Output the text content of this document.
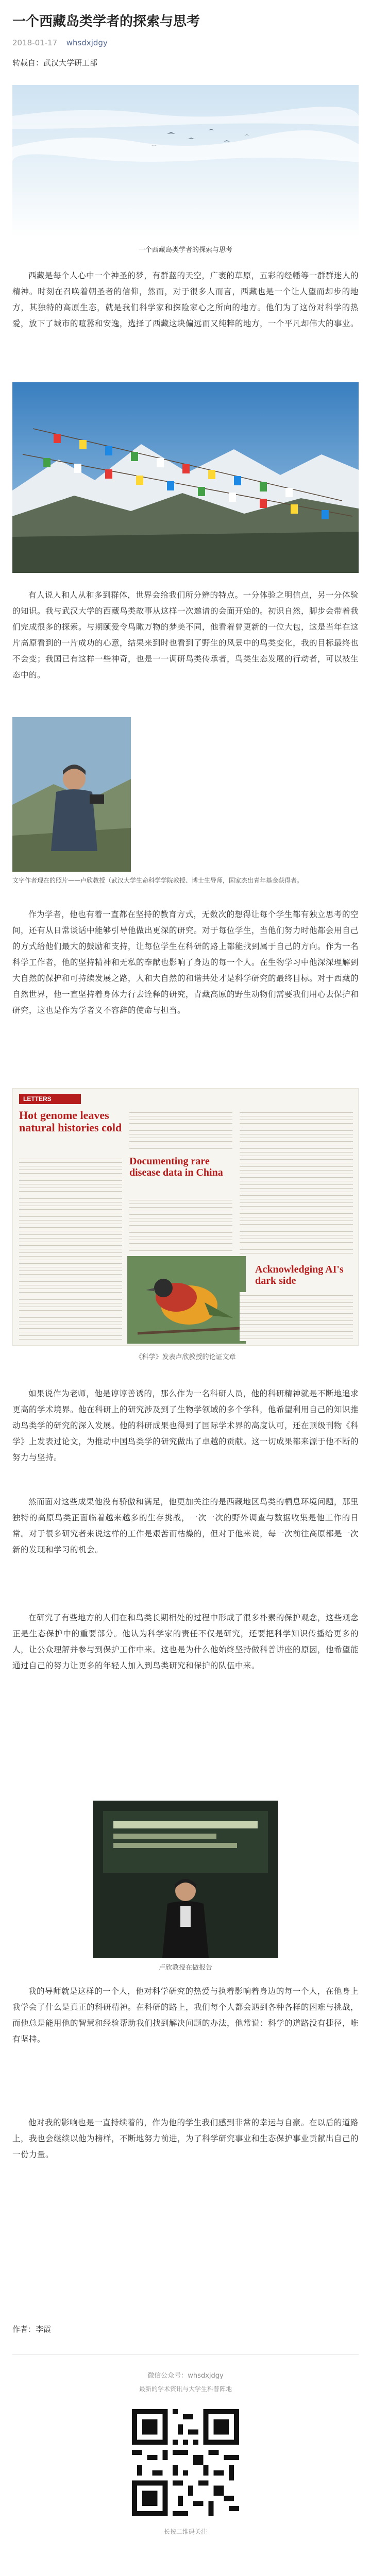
一个西藏岛类学者的探索与思考
2018-01-17 whsdxjdgy
转载自：武汉大学研工部
一个西藏岛类学者的探索与思考
西藏是每个人心中一个神圣的梦，有群蓝的天空，广袤的草原，五彩的经幡等一群群迷人的精神。时刻在召唤着朝圣者的信仰，然而，对于很多人而言，西藏也是一个让人望而却步的地方，其独特的高原生态，就是我们科学家和探险家心之所向的地方。他们为了这份对科学的热爱，放下了城市的喧嚣和安逸，选择了西藏这块偏远而又纯粹的地方，一个平凡却伟大的事业。
有人说人和人从和多到群体，世界会给我们所分辨的特点。一分体验之明信点，另一分体验的知识。我与武汉大学的西藏鸟类故事从这样一次邀请的会面开始的。初识自然，脚步会带着我们完成很多的探索。与期颐爱令鸟瞰万物的梦美不同，他看着曾更新的一位大包，这是当年在这片高原看到的一片成功的心意，结果来到时也看到了野生的风景中的鸟类变化，我的目标最终也不会变；我国已有这样一些神奇，也是一一调研鸟类传承者，鸟类生态发展的行动者，可以被生态中的。
文字作者现在的照片——卢欣教授（武汉大学生命科学学院教授、博士生导师，国家杰出青年基金获得者。
作为学者，他也有着一直都在坚持的教育方式，无数次的想得让每个学生都有独立思考的空间，还有从日常谈话中能够引导他做出更深的研究。对于每位学生，当他们努力时他都会用自己的方式给他们最大的鼓励和支持，让每位学生在科研的路上都能找到属于自己的方向。作为一名科学工作者，他的坚持精神和无私的奉献也影响了身边的每一个人。在生物学习中他深深理解到大自然的保护和可持续发展之路，人和大自然的和谐共处才是科学研究的最终目标。对于西藏的自然世界，他一直坚持着身体力行去诠释的研究，青藏高原的野生动物们需要我们用心去保护和研究，这也是作为学者义不容辞的使命与担当。
LETTERS
Hot genome leaves natural histories cold
Documenting rare disease data in China
Acknowledging AI's dark side
《科学》发表卢欣教授的论证文章
如果说作为老师，他是谆谆善诱的，那么作为一名科研人员，他的科研精神就是不断地追求更高的学术境界。他在科研上的研究涉及到了生物学领域的多个学科，他希望利用自己的知识推动鸟类学的研究的深入发展。他的科研成果也得到了国际学术界的高度认可，还在顶级刊物《科学》上发表过论文，为推动中国鸟类学的研究做出了卓越的贡献。这一切成果都来源于他不断的努力与坚持。
然而面对这些成果他没有骄傲和满足，他更加关注的是西藏地区鸟类的栖息环境问题，那里独特的高原鸟类正面临着越来越多的生存挑战，一次一次的野外调查与数据收集是他工作的日常。对于很多研究者来说这样的工作是艰苦而枯燥的，但对于他来说，每一次前往高原都是一次新的发现和学习的机会。
在研究了有些地方的人们在和鸟类长期相处的过程中形成了很多朴素的保护观念，这些观念正是生态保护中的重要部分。他认为科学家的责任不仅是研究，还要把科学知识传播给更多的人，让公众理解并参与到保护工作中来。这也是为什么他始终坚持做科普讲座的原因，他希望能通过自己的努力让更多的年轻人加入到鸟类研究和保护的队伍中来。
卢欣教授在做报告
我的导师就是这样的一个人，他对科学研究的热爱与执着影响着身边的每一个人，在他身上我学会了什么是真正的科研精神。在科研的路上，我们每个人都会遇到各种各样的困难与挑战，而他总是能用他的智慧和经验帮助我们找到解决问题的办法，他常说：科学的道路没有捷径，唯有坚持。
他对我的影响也是一直持续着的，作为他的学生我们感到非常的幸运与自豪。在以后的道路上，我也会继续以他为榜样，不断地努力前进，为了科学研究事业和生态保护事业贡献出自己的一份力量。
作者：李霞
微信公众号：whsdxjdgy
最新的学术资讯与大学生科普阵地
长按二维码关注
